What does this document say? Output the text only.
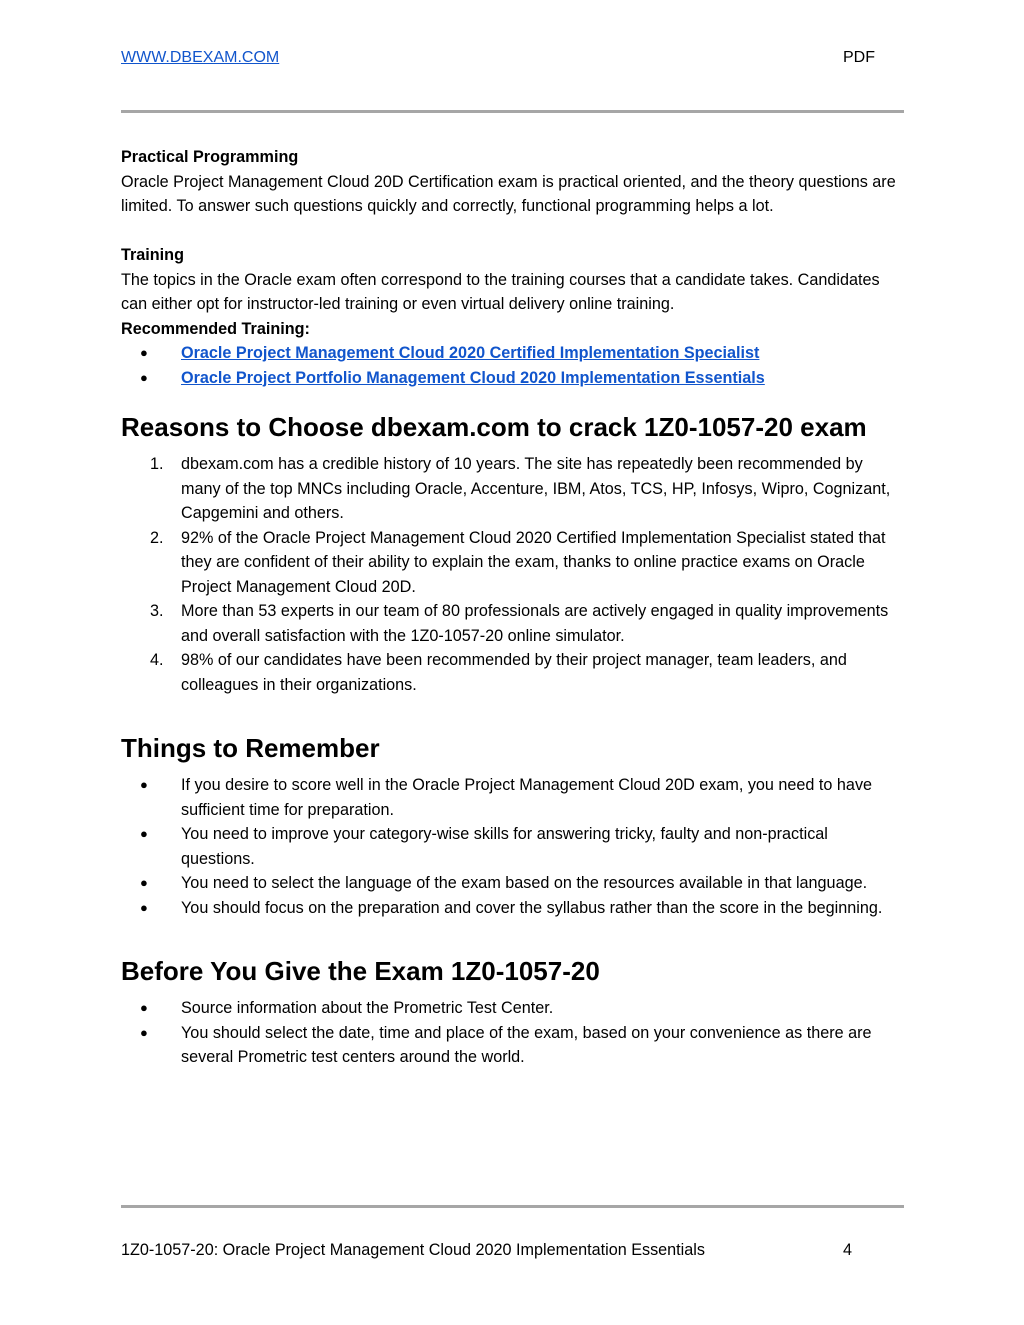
WWW.DBEXAM.COM	PDF

Practical Programming

Oracle Project Management Cloud 20D Certification exam is practical oriented, and the theory questions are limited. To answer such questions quickly and correctly, functional programming helps a lot.

Training

The topics in the Oracle exam often correspond to the training courses that a candidate takes. Candidates can either opt for instructor-led training or even virtual delivery online training.

Recommended Training:

●	Oracle Project Management Cloud 2020 Certified Implementation Specialist
●	Oracle Project Portfolio Management Cloud 2020 Implementation Essentials
Reasons to Choose dbexam.com to crack 1Z0-1057-20 exam
1.	dbexam.com has a credible history of 10 years. The site has repeatedly been recommended by many of the top MNCs including Oracle, Accenture, IBM, Atos, TCS, HP, Infosys, Wipro, Cognizant, Capgemini and others.
2.	92% of the Oracle Project Management Cloud 2020 Certified Implementation Specialist stated that they are confident of their ability to explain the exam, thanks to online practice exams on Oracle Project Management Cloud 20D.
3.	More than 53 experts in our team of 80 professionals are actively engaged in quality improvements and overall satisfaction with the 1Z0-1057-20 online simulator.
4.	98% of our candidates have been recommended by their project manager, team leaders, and colleagues in their organizations.
Things to Remember
●	If you desire to score well in the Oracle Project Management Cloud 20D exam, you need to have sufficient time for preparation.
●	You need to improve your category-wise skills for answering tricky, faulty and non-practical questions.
●	You need to select the language of the exam based on the resources available in that language.
●	You should focus on the preparation and cover the syllabus rather than the score in the beginning.
Before You Give the Exam 1Z0-1057-20
●	Source information about the Prometric Test Center.
●	You should select the date, time and place of the exam, based on your convenience as there are several Prometric test centers around the world.
1Z0-1057-20: Oracle Project Management Cloud 2020 Implementation Essentials	4
